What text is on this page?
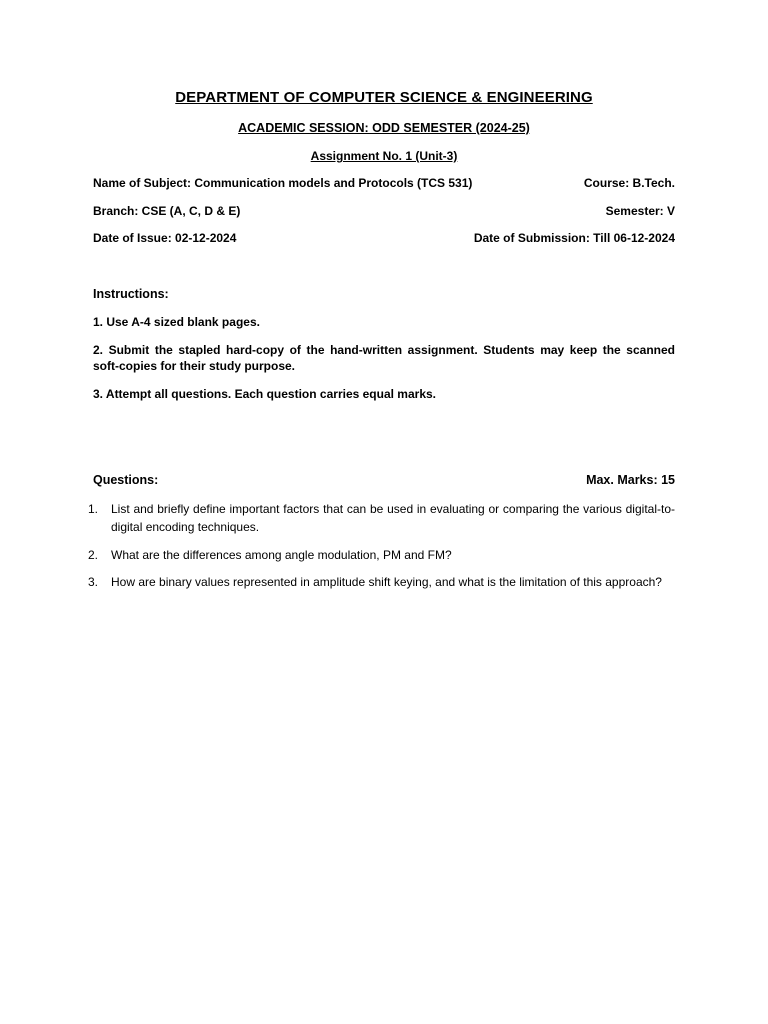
DEPARTMENT OF COMPUTER SCIENCE & ENGINEERING
ACADEMIC SESSION: ODD SEMESTER (2024-25)
Assignment No. 1 (Unit-3)
Name of Subject: Communication models and Protocols (TCS 531)	Course: B.Tech.
Branch: CSE (A, C, D & E)	Semester: V
Date of Issue: 02-12-2024	Date of Submission: Till 06-12-2024
Instructions:
1. Use A-4 sized blank pages.
2. Submit the stapled hard-copy of the hand-written assignment. Students may keep the scanned soft-copies for their study purpose.
3. Attempt all questions. Each question carries equal marks.
Questions:	Max. Marks: 15
1.	List and briefly define important factors that can be used in evaluating or comparing the various digital-to-digital encoding techniques.
2.	What are the differences among angle modulation, PM and FM?
3.	How are binary values represented in amplitude shift keying, and what is the limitation of this approach?
